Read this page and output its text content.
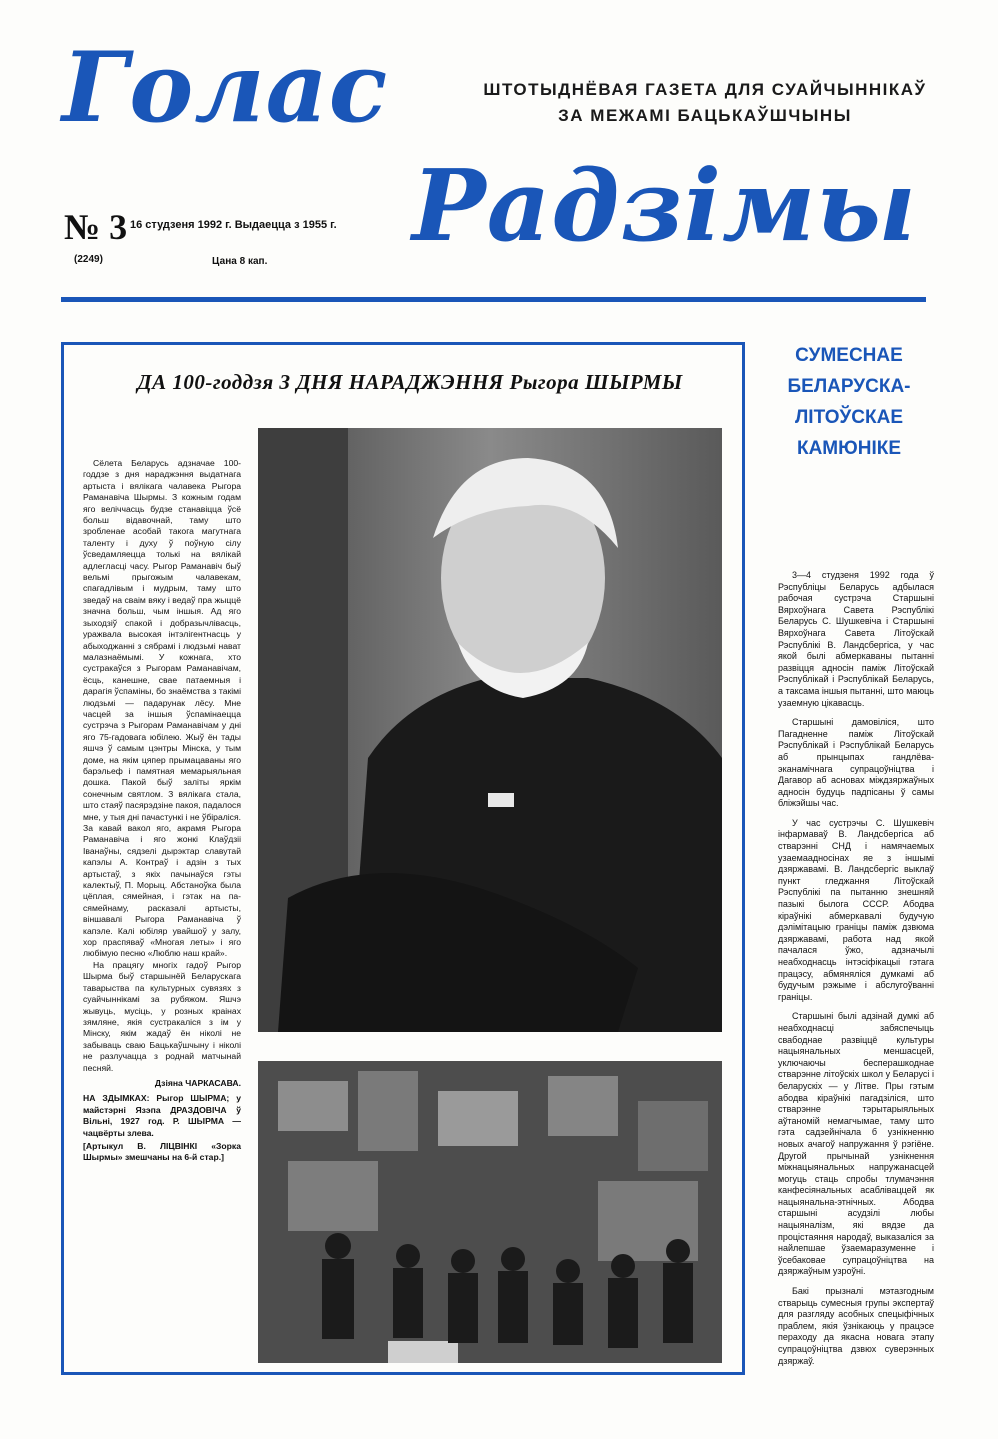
Голас
Радзімы
ШТОТЫДНЁВАЯ ГАЗЕТА ДЛЯ СУАЙЧЫННІКАЎ
ЗА МЕЖАМІ БАЦЬКАЎШЧЫНЫ
№ 3 16 студзеня 1992 г. Выдаецца з 1955 г.
(2249)	Цана 8 кап.
ДА 100-годдзя З ДНЯ НАРАДЖЭННЯ Рыгора ШЫРМЫ

Сёлета Беларусь адзначае 100-годдзе з дня нараджэння выдатнага артыста і вялікага чалавека Рыгора Раманавіча Шырмы. З кожным годам яго веліччасць будзе станавіцца ўсё больш відавочнай, таму што зробленае асобай такога магутнага таленту і духу ў поўную сілу ўсведамляецца толькі на вялікай адлегласці часу. Рыгор Раманавіч быў вельмі прыгожым чалавекам, спагадлівым і мудрым, таму што зведаў на сваім вяку і ведаў пра жыццё значна больш, чым іншыя. Ад яго зыходзіў спакой і добразычлівасць, уражвала высокая інтэлігентнасць у абыходжанні з сябрамі і людзьмі нават малазнаёмымі. У кожнага, хто сустракаўся з Рыгорам Раманавічам, ёсць, канешне, свае патаемныя і дарагія ўспаміны, бо знаёмства з такімі людзьмі — падарунак лёсу. Мне часцей за іншыя ўспамінаецца сустрэча з Рыгорам Раманавічам у дні яго 75-гадовага юбілею. Жыў ён тады яшчэ ў самым цэнтры Мінска, у тым доме, на якім цяпер прымацаваны яго барэльеф і памятная мемарыяльная дошка. Пакой быў заліты яркім сонечным святлом. З вялікага стала, што стаяў пасярэдзіне пакоя, падалося мне, у тыя дні пачастункі і не ўбіраліся. За кавай вакол яго, акрамя Рыгора Раманавіча і яго жонкі Клаўдзіі Іванаўны, сядзелі дырэктар славутай капэлы А. Контраў і адзін з тых артыстаў, з якіх пачынаўся гэты калектыў, П. Морыц. Абстаноўка была цёплая, сямейная, і гэтак на па-сямейнаму, расказалі артысты, віншавалі Рыгора Раманавіча ў капэле. Калі юбіляр увайшоў у залу, хор праспяваў «Многая леты» і яго любімую песню «Люблю наш край».

На працягу многіх гадоў Рыгор Шырма быў старшынёй Беларускага таварыства па культурных сувязях з суайчыннікамі за рубяжом. Яшчэ жывуць, мусіць, у розных краінах зямляне, якія сустракаліся з ім у Мінску, якім жадаў ён ніколі не забываць сваю Бацькаўшчыну і ніколі не разлучацца з роднай матчынай песняй.

Дзіяна ЧАРКАСАВА.

НА ЗДЫМКАХ: Рыгор ШЫРМА; у майстэрні Язэпа ДРАЗДОВІЧА ў Вільні, 1927 год. Р. ШЫРМА — чацвёрты злева.

[Артыкул В. ЛІЦВІНКІ «Зорка Шырмы» змешчаны на 6-й стар.]

СУМЕСНАЕ
БЕЛАРУСКА-
ЛІТОЎСКАЕ
КАМЮНІКЕ

3—4 студзеня 1992 года ў Рэспубліцы Беларусь адбылася рабочая сустрэча Старшыні Вярхоўнага Савета Рэспублікі Беларусь С. Шушкевіча і Старшыні Вярхоўнага Савета Літоўскай Рэспублікі В. Ландсбергіса, у час якой былі абмеркаваны пытанні развіцця адносін паміж Літоўскай Рэспублікай і Рэспублікай Беларусь, а таксама іншыя пытанні, што маюць узаемную цікавасць.

Старшыні дамовіліся, што Пагадненне паміж Літоўскай Рэспублікай і Рэспублікай Беларусь аб прынцыпах гандлёва-эканамічнага супрацоўніцтва і Дагавор аб асновах міждзяржаўных адносін будуць падпісаны ў самы бліжэйшы час.

У час сустрэчы С. Шушкевіч інфармаваў В. Ландсбергіса аб стварэнні СНД і намячаемых узаемаадносінах яе з іншымі дзяржавамі. В. Ландсбергіс выклаў пункт гледжання Літоўскай Рэспублікі па пытанню знешняй пазыкі былога СССР. Абодва кіраўнікі абмеркавалі будучую дэлімітацыю граніцы паміж дзвюма дзяржавамі, работа над якой пачалася ўжо, адзначылі неабходнасць інтэсіфікацыі гэтага працэсу, абмяняліся думкамі аб будучым рэжыме і абслугоўванні граніцы.

Старшыні былі адзінай думкі аб неабходнасці забяспечыць свабоднае развіццё культуры нацыянальных меншасцей, уключаючы бесперашкоднае стварэнне літоўскіх школ у Беларусі і беларускіх — у Літве. Пры гэтым абодва кіраўнікі пагадзіліся, што стварэнне тэрытарыяльных аўтаномій немагчымае, таму што гэта садзейнічала б узнікненню новых ачагоў напружання ў рэгіёне. Другой прычынай узнікнення міжнацыянальных напружанасцей могуць стаць спробы тлумачэння канфесіянальных асабліваццей як нацыянальна-этнічных. Абодва старшыні асудзілі любы нацыяналізм, які вядзе да процістаяння народаў, выказаліся за найлепшае ўзаемаразуменне і ўсебаковае супрацоўніцтва на дзяржаўным узроўні.

Бакі прызналі мэтазгодным стварыць сумесныя групы экспертаў для разгляду асобных спецыфічных праблем, якія ўзнікаюць у працэсе пераходу да якасна новага этапу супрацоўніцтва дзвюх суверэнных дзяржаў.
